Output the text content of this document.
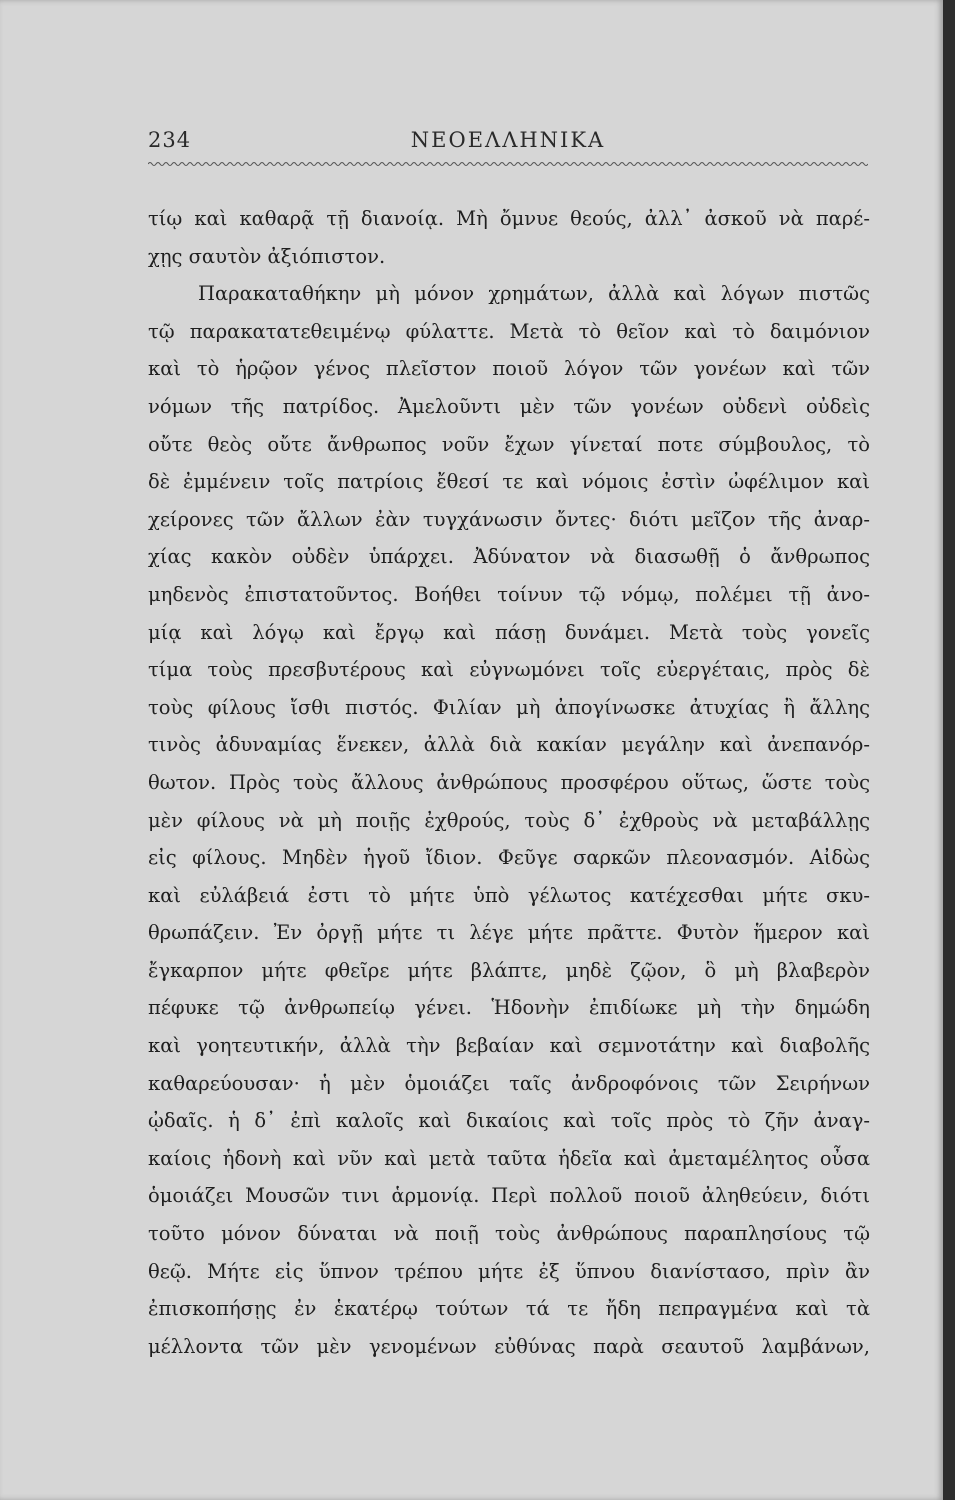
234	ΝΕΟΕΛΛΗΝΙΚΑ
τίῳ καὶ καθαρᾷ τῇ διανοίᾳ. Μὴ ὄμνυε θεούς, ἀλλ᾽ ἀσκοῦ νὰ παρέ-
χῃς σαυτὸν ἀξιόπιστον.
Παρακαταθήκην μὴ μόνον χρημάτων, ἀλλὰ καὶ λόγων πιστῶς
τῷ παρακατατεθειμένῳ φύλαττε. Μετὰ τὸ θεῖον καὶ τὸ δαιμόνιον
καὶ τὸ ἡρῷον γένος πλεῖστον ποιοῦ λόγον τῶν γονέων καὶ τῶν
νόμων τῆς πατρίδος. Ἀμελοῦντι μὲν τῶν γονέων οὐδενὶ οὐδεὶς
οὔτε θεὸς οὔτε ἄνθρωπος νοῦν ἔχων γίνεταί ποτε σύμβουλος, τὸ
δὲ ἐμμένειν τοῖς πατρίοις ἔθεσί τε καὶ νόμοις ἐστὶν ὠφέλιμον καὶ
χείρονες τῶν ἄλλων ἐὰν τυγχάνωσιν ὄντες· διότι μεῖζον τῆς ἀναρ-
χίας κακὸν οὐδὲν ὑπάρχει. Ἀδύνατον νὰ διασωθῇ ὁ ἄνθρωπος
μηδενὸς ἐπιστατοῦντος. Βοήθει τοίνυν τῷ νόμῳ, πολέμει τῇ ἀνο-
μίᾳ καὶ λόγῳ καὶ ἔργῳ καὶ πάσῃ δυνάμει. Μετὰ τοὺς γονεῖς
τίμα τοὺς πρεσβυτέρους καὶ εὐγνωμόνει τοῖς εὐεργέταις, πρὸς δὲ
τοὺς φίλους ἴσθι πιστός. Φιλίαν μὴ ἀπογίνωσκε ἀτυχίας ἢ ἄλλης
τινὸς ἀδυναμίας ἕνεκεν, ἀλλὰ διὰ κακίαν μεγάλην καὶ ἀνεπανόρ-
θωτον. Πρὸς τοὺς ἄλλους ἀνθρώπους προσφέρου οὕτως, ὥστε τοὺς
μὲν φίλους νὰ μὴ ποιῇς ἐχθρούς, τοὺς δ᾽ ἐχθροὺς νὰ μεταβάλλῃς
εἰς φίλους. Μηδὲν ἡγοῦ ἴδιον. Φεῦγε σαρκῶν πλεονασμόν. Αἰδὼς
καὶ εὐλάβειά ἐστι τὸ μήτε ὑπὸ γέλωτος κατέχεσθαι μήτε σκυ-
θρωπάζειν. Ἐν ὀργῇ μήτε τι λέγε μήτε πρᾶττε. Φυτὸν ἥμερον καὶ
ἔγκαρπον μήτε φθεῖρε μήτε βλάπτε, μηδὲ ζῷον, ὃ μὴ βλαβερὸν
πέφυκε τῷ ἀνθρωπείῳ γένει. Ἡδονὴν ἐπιδίωκε μὴ τὴν δημώδη
καὶ γοητευτικήν, ἀλλὰ τὴν βεβαίαν καὶ σεμνοτάτην καὶ διαβολῆς
καθαρεύουσαν· ἡ μὲν ὁμοιάζει ταῖς ἀνδροφόνοις τῶν Σειρήνων
ᾠδαῖς. ἡ δ᾽ ἐπὶ καλοῖς καὶ δικαίοις καὶ τοῖς πρὸς τὸ ζῆν ἀναγ-
καίοις ἡδονὴ καὶ νῦν καὶ μετὰ ταῦτα ἡδεῖα καὶ ἀμεταμέλητος οὖσα
ὁμοιάζει Μουσῶν τινι ἁρμονίᾳ. Περὶ πολλοῦ ποιοῦ ἀληθεύειν, διότι
τοῦτο μόνον δύναται νὰ ποιῇ τοὺς ἀνθρώπους παραπλησίους τῷ
θεῷ. Μήτε εἰς ὕπνον τρέπου μήτε ἐξ ὕπνου διανίστασο, πρὶν ἂν
ἐπισκοπήσῃς ἐν ἑκατέρῳ τούτων τά τε ἤδη πεπραγμένα καὶ τὰ
μέλλοντα τῶν μὲν γενομένων εὐθύνας παρὰ σεαυτοῦ λαμβάνων,
